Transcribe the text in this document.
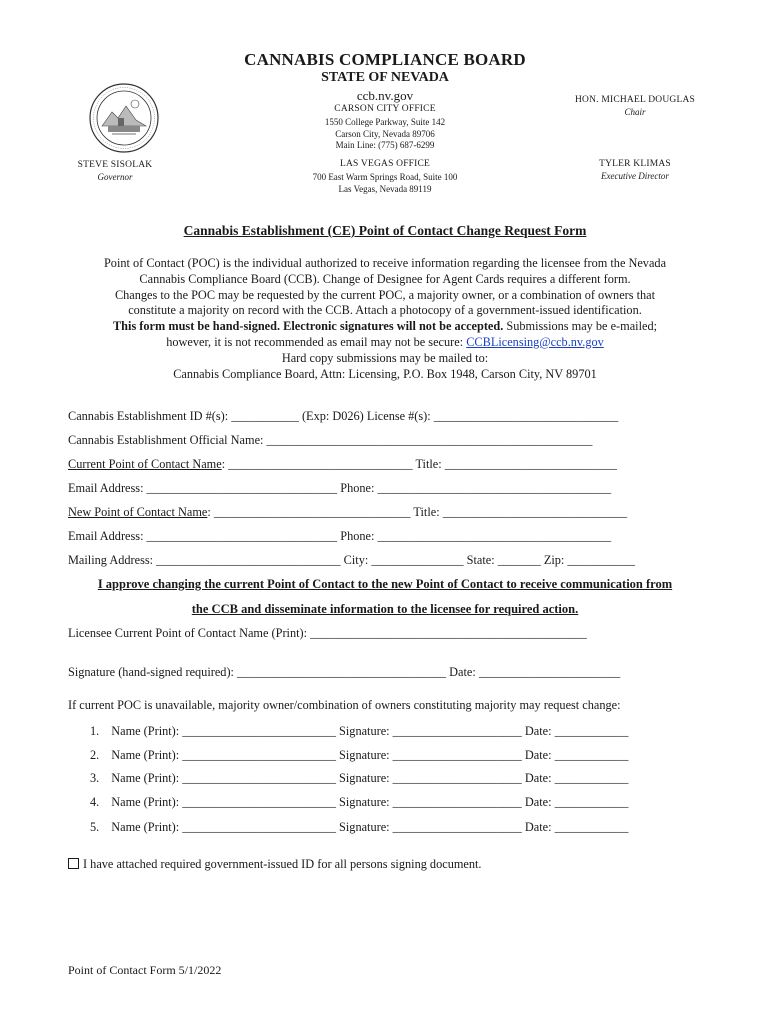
CANNABIS COMPLIANCE BOARD
STATE OF NEVADA
ccb.nv.gov
CARSON CITY OFFICE
1550 College Parkway, Suite 142
Carson City, Nevada 89706
Main Line: (775) 687-6299
LAS VEGAS OFFICE
700 East Warm Springs Road, Suite 100
Las Vegas, Nevada 89119
STEVE SISOLAK
Governor
HON. MICHAEL DOUGLAS
Chair
TYLER KLIMAS
Executive Director
Cannabis Establishment (CE) Point of Contact Change Request Form
Point of Contact (POC) is the individual authorized to receive information regarding the licensee from the Nevada
Cannabis Compliance Board (CCB). Change of Designee for Agent Cards requires a different form.
Changes to the POC may be requested by the current POC, a majority owner, or a combination of owners that
constitute a majority on record with the CCB. Attach a photocopy of a government-issued identification.
This form must be hand-signed. Electronic signatures will not be accepted. Submissions may be e-mailed;
however, it is not recommended as email may not be secure: CCBLicensing@ccb.nv.gov
Hard copy submissions may be mailed to:
Cannabis Compliance Board, Attn: Licensing, P.O. Box 1948, Carson City, NV 89701
Cannabis Establishment ID #(s): ___________ (Exp: D026) License #(s): ______________________________
Cannabis Establishment Official Name: _____________________________________________________
Current Point of Contact Name: ______________________________ Title: ____________________________
Email Address: _______________________________ Phone: ______________________________________
New Point of Contact Name: ________________________________ Title: ______________________________
Email Address: _______________________________ Phone: ______________________________________
Mailing Address: ______________________________ City: _______________ State: _______ Zip: ___________
I approve changing the current Point of Contact to the new Point of Contact to receive communication from
the CCB and disseminate information to the licensee for required action.
Licensee Current Point of Contact Name (Print): _____________________________________________
Signature (hand-signed required): __________________________________ Date: _______________________
If current POC is unavailable, majority owner/combination of owners constituting majority may request change:
1. Name (Print): _________________________ Signature: _____________________ Date: ____________
2. Name (Print): _________________________ Signature: _____________________ Date: ____________
3. Name (Print): _________________________ Signature: _____________________ Date: ____________
4. Name (Print): _________________________ Signature: _____________________ Date: ____________
5. Name (Print): _________________________ Signature: _____________________ Date: ____________
I have attached required government-issued ID for all persons signing document.
Point of Contact Form 5/1/2022
